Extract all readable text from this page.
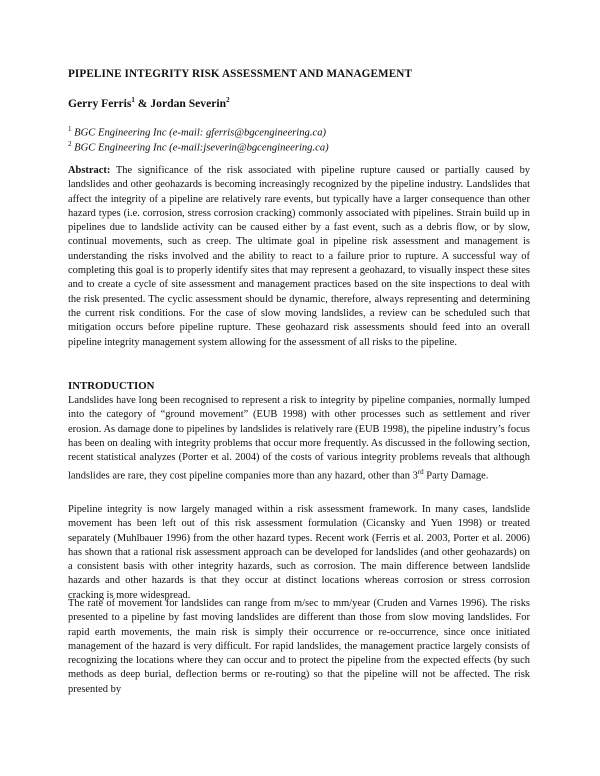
PIPELINE INTEGRITY RISK ASSESSMENT AND MANAGEMENT
Gerry Ferris$^1$ & Jordan Severin$^2$
$^1$ BGC Engineering Inc (e-mail: gferris@bgcengineering.ca)
$^2$ BGC Engineering Inc (e-mail:jseverin@bgcengineering.ca)

Abstract: The significance of the risk associated with pipeline rupture caused or partially caused by landslides and other geohazards is becoming increasingly recognized by the pipeline industry. Landslides that affect the integrity of a pipeline are relatively rare events, but typically have a larger consequence than other hazard types (i.e. corrosion, stress corrosion cracking) commonly associated with pipelines. Strain build up in pipelines due to landslide activity can be caused either by a fast event, such as a debris flow, or by slow, continual movements, such as creep. The ultimate goal in pipeline risk assessment and management is understanding the risks involved and the ability to react to a failure prior to rupture. A successful way of completing this goal is to properly identify sites that may represent a geohazard, to visually inspect these sites and to create a cycle of site assessment and management practices based on the site inspections to deal with the risk presented. The cyclic assessment should be dynamic, therefore, always representing and determining the current risk conditions. For the case of slow moving landslides, a review can be scheduled such that mitigation occurs before pipeline rupture. These geohazard risk assessments should feed into an overall pipeline integrity management system allowing for the assessment of all risks to the pipeline.

INTRODUCTION

Landslides have long been recognised to represent a risk to integrity by pipeline companies, normally lumped into the category of “ground movement” (EUB 1998) with other processes such as settlement and river erosion. As damage done to pipelines by landslides is relatively rare (EUB 1998), the pipeline industry’s focus has been on dealing with integrity problems that occur more frequently. As discussed in the following section, recent statistical analyzes (Porter et al. 2004) of the costs of various integrity problems reveals that although landslides are rare, they cost pipeline companies more than any hazard, other than 3rd Party Damage.

Pipeline integrity is now largely managed within a risk assessment framework. In many cases, landslide movement has been left out of this risk assessment formulation (Cicansky and Yuen 1998) or treated separately (Muhlbauer 1996) from the other hazard types. Recent work (Ferris et al. 2003, Porter et al. 2006) has shown that a rational risk assessment approach can be developed for landslides (and other geohazards) on a consistent basis with other integrity hazards, such as corrosion. The main difference between landslide hazards and other hazards is that they occur at distinct locations whereas corrosion or stress corrosion cracking is more widespread.

The rate of movement for landslides can range from m/sec to mm/year (Cruden and Varnes 1996). The risks presented to a pipeline by fast moving landslides are different than those from slow moving landslides. For rapid earth movements, the main risk is simply their occurrence or re-occurrence, since once initiated management of the hazard is very difficult. For rapid landslides, the management practice largely consists of recognizing the locations where they can occur and to protect the pipeline from the expected effects (by such methods as deep burial, deflection berms or re-routing) so that the pipeline will not be affected. The risk presented by
